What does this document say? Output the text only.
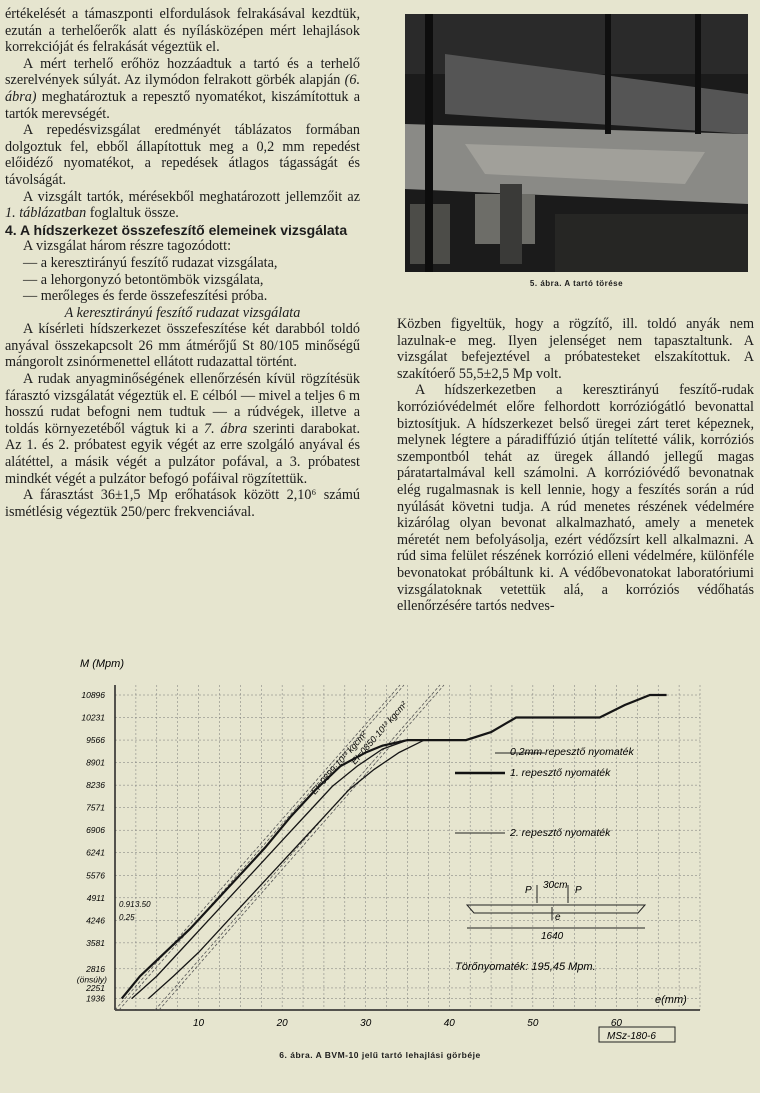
értékelését a támaszponti elfordulások felrakásával kezdtük, ezután a terhelőerők alatt és nyílásközépen mért lehajlások korrekcióját és felrakását végeztük el.

A mért terhelő erőhöz hozzáadtuk a tartó és a terhelő szerelvények súlyát. Az ilymódon felrakott görbék alapján (6. ábra) meghatároztuk a repesztő nyomatékot, kiszámítottuk a tartók merevségét.

A repedésvizsgálat eredményét táblázatos formában dolgoztuk fel, ebből állapítottuk meg a 0,2 mm repedést előidéző nyomatékot, a repedések átlagos tágasságát és távolságát.

A vizsgált tartók, mérésekből meghatározott jellemzőit az 1. táblázatban foglaltuk össze.

4. A hídszerkezet összefeszítő elemeinek vizsgálata

A vizsgálat három részre tagozódott:

— a keresztirányú feszítő rudazat vizsgálata,

— a lehorgonyzó betontömbök vizsgálata,

— merőleges és ferde összefeszítési próba.

A keresztirányú feszítő rudazat vizsgálata

A kísérleti hídszerkezet összefeszítése két darabból toldó anyával összekapcsolt 26 mm átmérőjű St 80/105 minőségű mángorolt zsinórmenettel ellátott rudazattal történt.

A rudak anyagminőségének ellenőrzésén kívül rögzítésük fárasztó vizsgálatát végeztük el. E célból — mivel a teljes 6 m hosszú rudat befogni nem tudtuk — a rúdvégek, illetve a toldás környezetéből vágtuk ki a 7. ábra szerinti darabokat. Az 1. és 2. próbatest egyik végét az erre szolgáló anyával és alátéttel, a másik végét a pulzátor pofával, a 3. próbatest mindkét végét a pulzátor befogó pofáival rögzítettük.

A fárasztást 36±1,5 Mp erőhatások között 2,10⁶ számú ismétlésig végeztük 250/perc frekvenciával.

5. ábra. A tartó törése

Közben figyeltük, hogy a rögzítő, ill. toldó anyák nem lazulnak-e meg. Ilyen jelenséget nem tapasztaltunk. A vizsgálat befejeztével a próbatesteket elszakítottuk. A szakítóerő 55,5±2,5 Mp volt.

A hídszerkezetben a keresztirányú feszítő-rudak korrózióvédelmét előre felhordott korróziógátló bevonattal biztosítjuk. A hídszerkezet belső üregei zárt teret képeznek, melynek légtere a páradiffúzió útján telítetté válik, korróziós szempontból tehát az üregek állandó jellegű magas páratartalmával kell számolni. A korrózióvédő bevonatnak elég rugalmasnak is kell lennie, hogy a feszítés során a rúd nyúlását követni tudja. A rúd menetes részének védelmére kizárólag olyan bevonat alkalmazható, amely a menetek méretét nem befolyásolja, ezért védőzsírt kell alkalmazni. A rúd sima felület részének korrózió elleni védelmére, különféle bevonatokat próbáltunk ki. A védőbevonatokat laboratóriumi vizsgálatoknak vetettük alá, a korróziós védőhatás ellenőrzésére tartós nedves-

M (Mpm)
e(mm)
1936
2251
2816
3581
4246
4911
5576
6241
6906
7571
8236
8901
9566
10231
10896
(önsúly)
10	20	30	40	50	60
EI=0899·10¹³ kgcm²
EI=0850·10¹³ kgcm²
0.91 3.50
0.25
0,2mm repesztő nyomaték
1. repesztő nyomaték
2. repesztő nyomaték
P 30cm P
e
1640
Törőnyomaték: 195,45 Mpm.
MSz-180-6
6. ábra. A BVM-10 jelű tartó lehajlási görbéje
